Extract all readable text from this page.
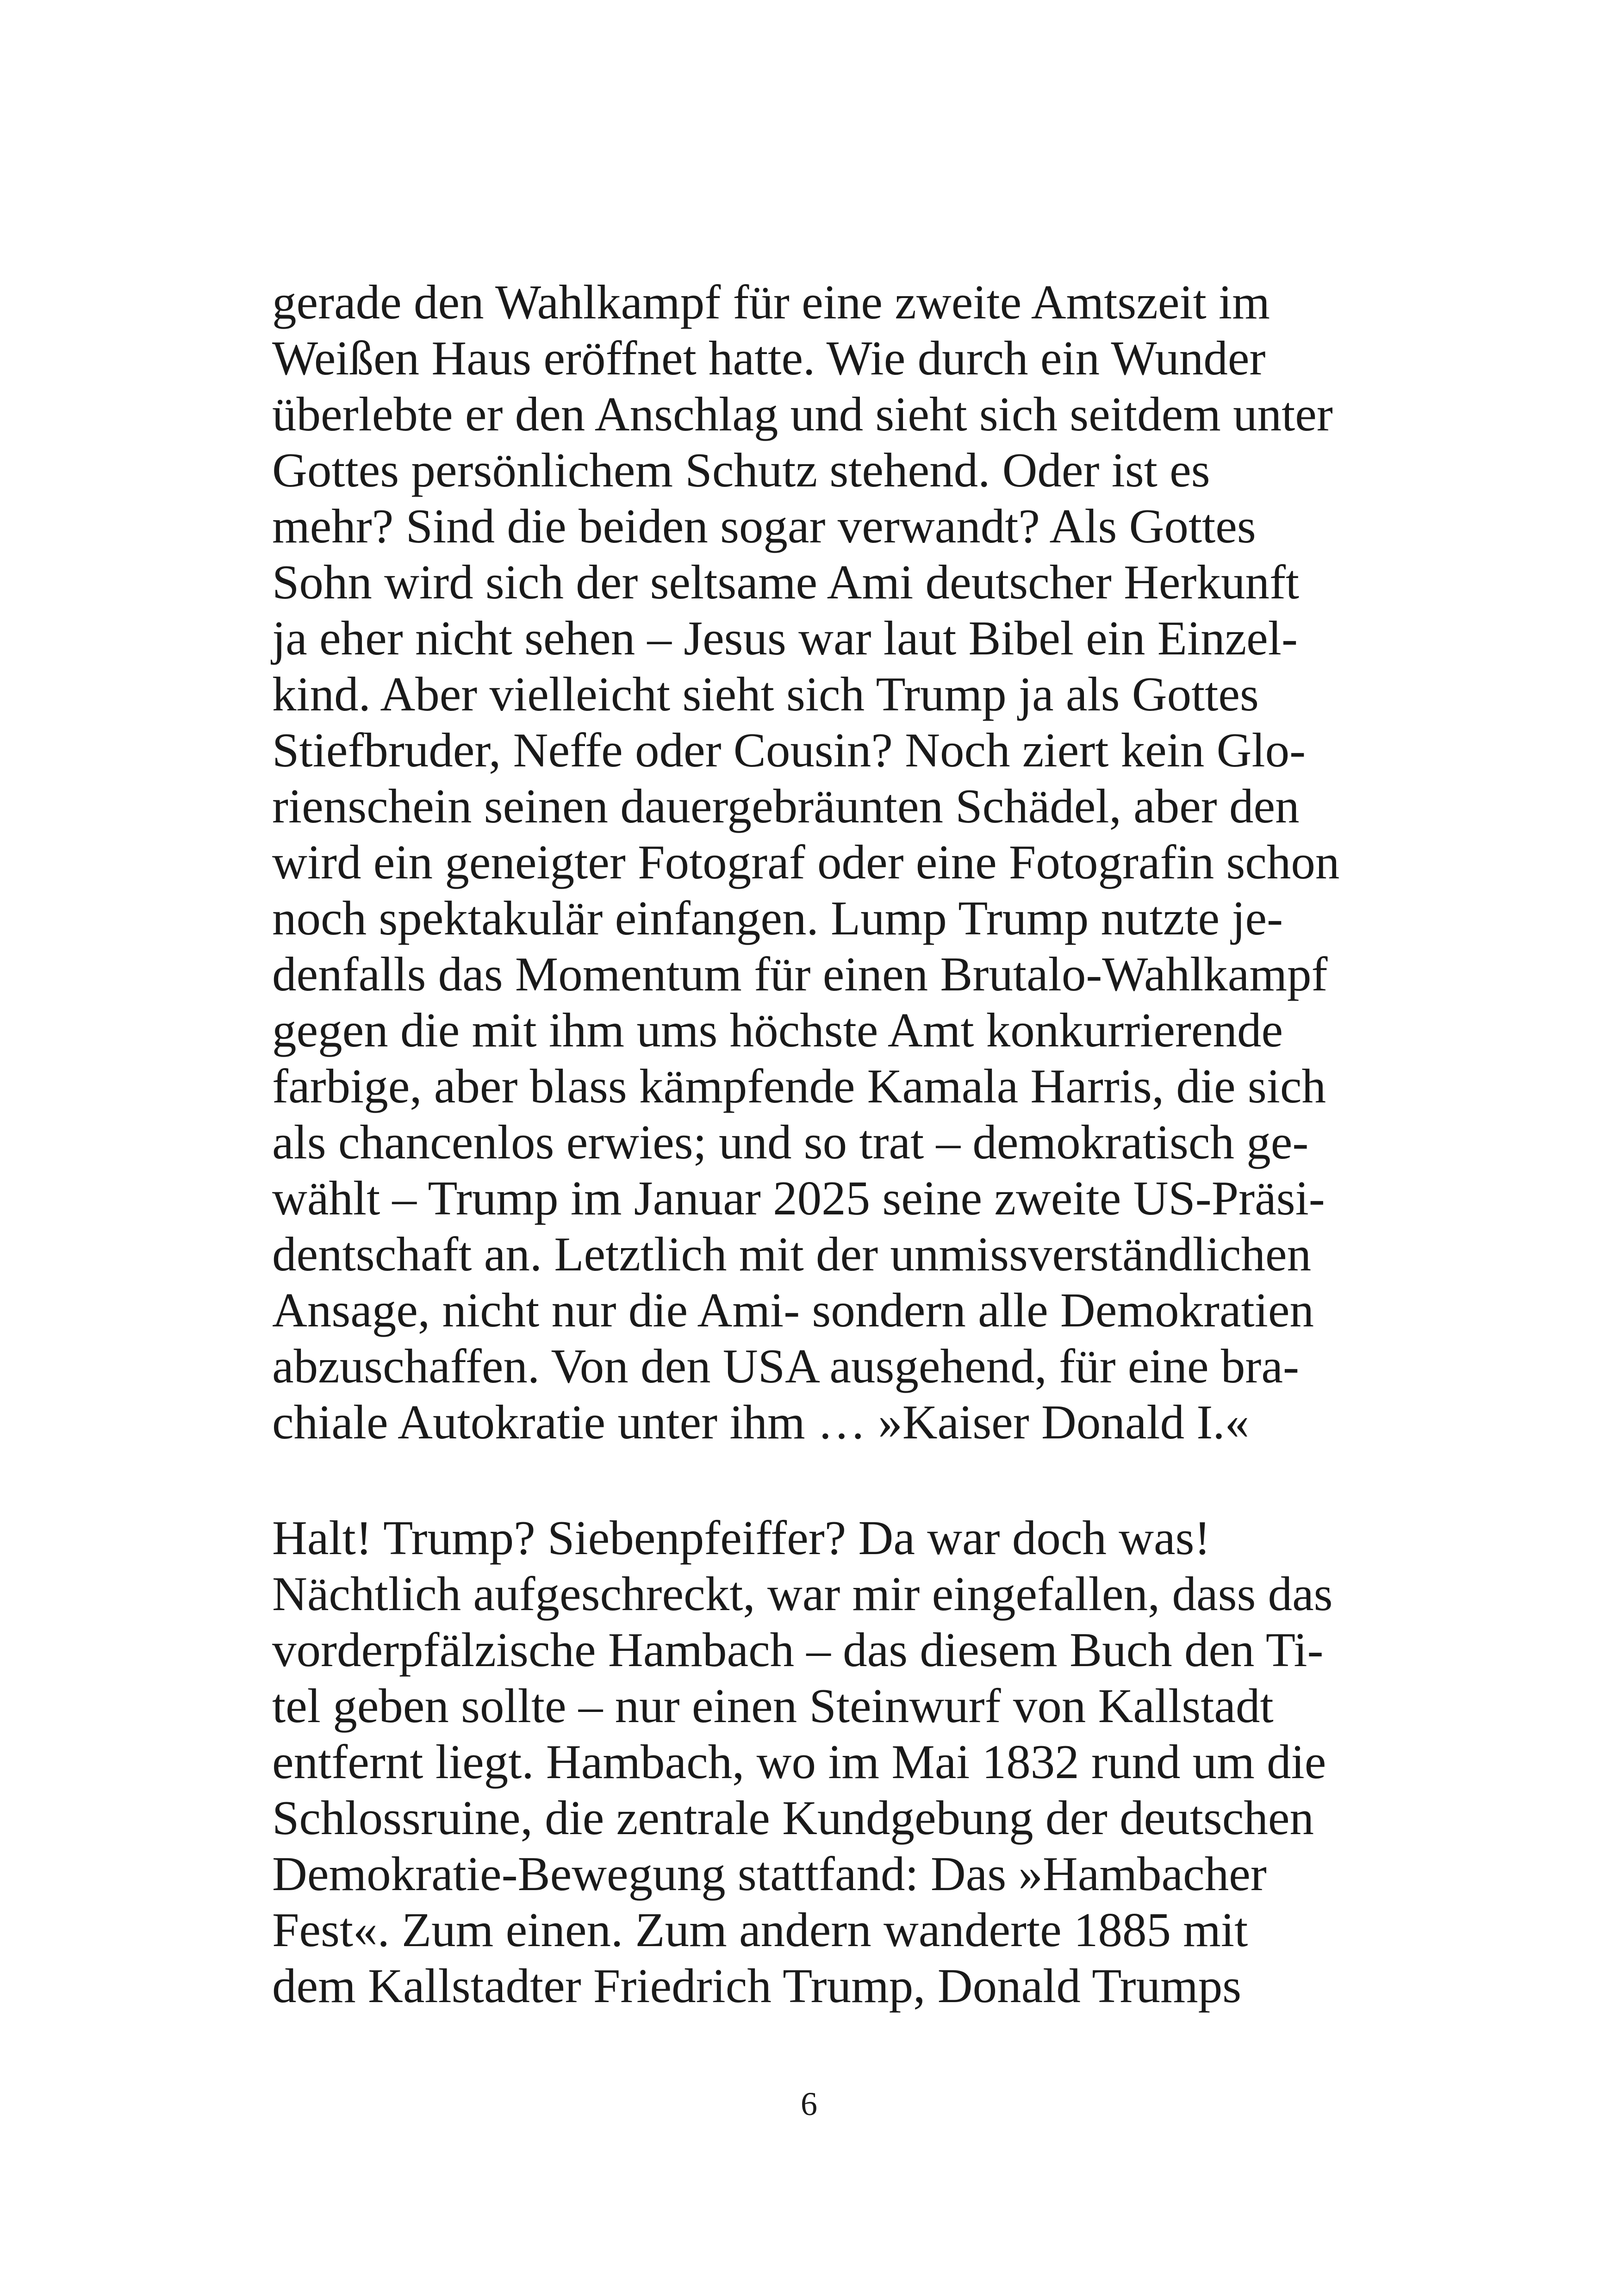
gerade den Wahlkampf für eine zweite Amtszeit im
Weißen Haus eröffnet hatte. Wie durch ein Wunder
überlebte er den Anschlag und sieht sich seitdem unter
Gottes persönlichem Schutz stehend. Oder ist es
mehr? Sind die beiden sogar verwandt? Als Gottes
Sohn wird sich der seltsame Ami deutscher Herkunft
ja eher nicht sehen – Jesus war laut Bibel ein Einzel-
kind. Aber vielleicht sieht sich Trump ja als Gottes
Stiefbruder, Neffe oder Cousin? Noch ziert kein Glo-
rienschein seinen dauergebräunten Schädel, aber den
wird ein geneigter Fotograf oder eine Fotografin schon
noch spektakulär einfangen. Lump Trump nutzte je-
denfalls das Momentum für einen Brutalo-Wahlkampf
gegen die mit ihm ums höchste Amt konkurrierende
farbige, aber blass kämpfende Kamala Harris, die sich
als chancenlos erwies; und so trat – demokratisch ge-
wählt – Trump im Januar 2025 seine zweite US-Präsi-
dentschaft an. Letztlich mit der unmissverständlichen
Ansage, nicht nur die Ami- sondern alle Demokratien
abzuschaffen. Von den USA ausgehend, für eine bra-
chiale Autokratie unter ihm … »Kaiser Donald I.«
Halt! Trump? Siebenpfeiffer? Da war doch was!
Nächtlich aufgeschreckt, war mir eingefallen, dass das
vorderpfälzische Hambach – das diesem Buch den Ti-
tel geben sollte – nur einen Steinwurf von Kallstadt
entfernt liegt. Hambach, wo im Mai 1832 rund um die
Schlossruine, die zentrale Kundgebung der deutschen
Demokratie-Bewegung stattfand: Das »Hambacher
Fest«. Zum einen. Zum andern wanderte 1885 mit
dem Kallstadter Friedrich Trump, Donald Trumps
6
